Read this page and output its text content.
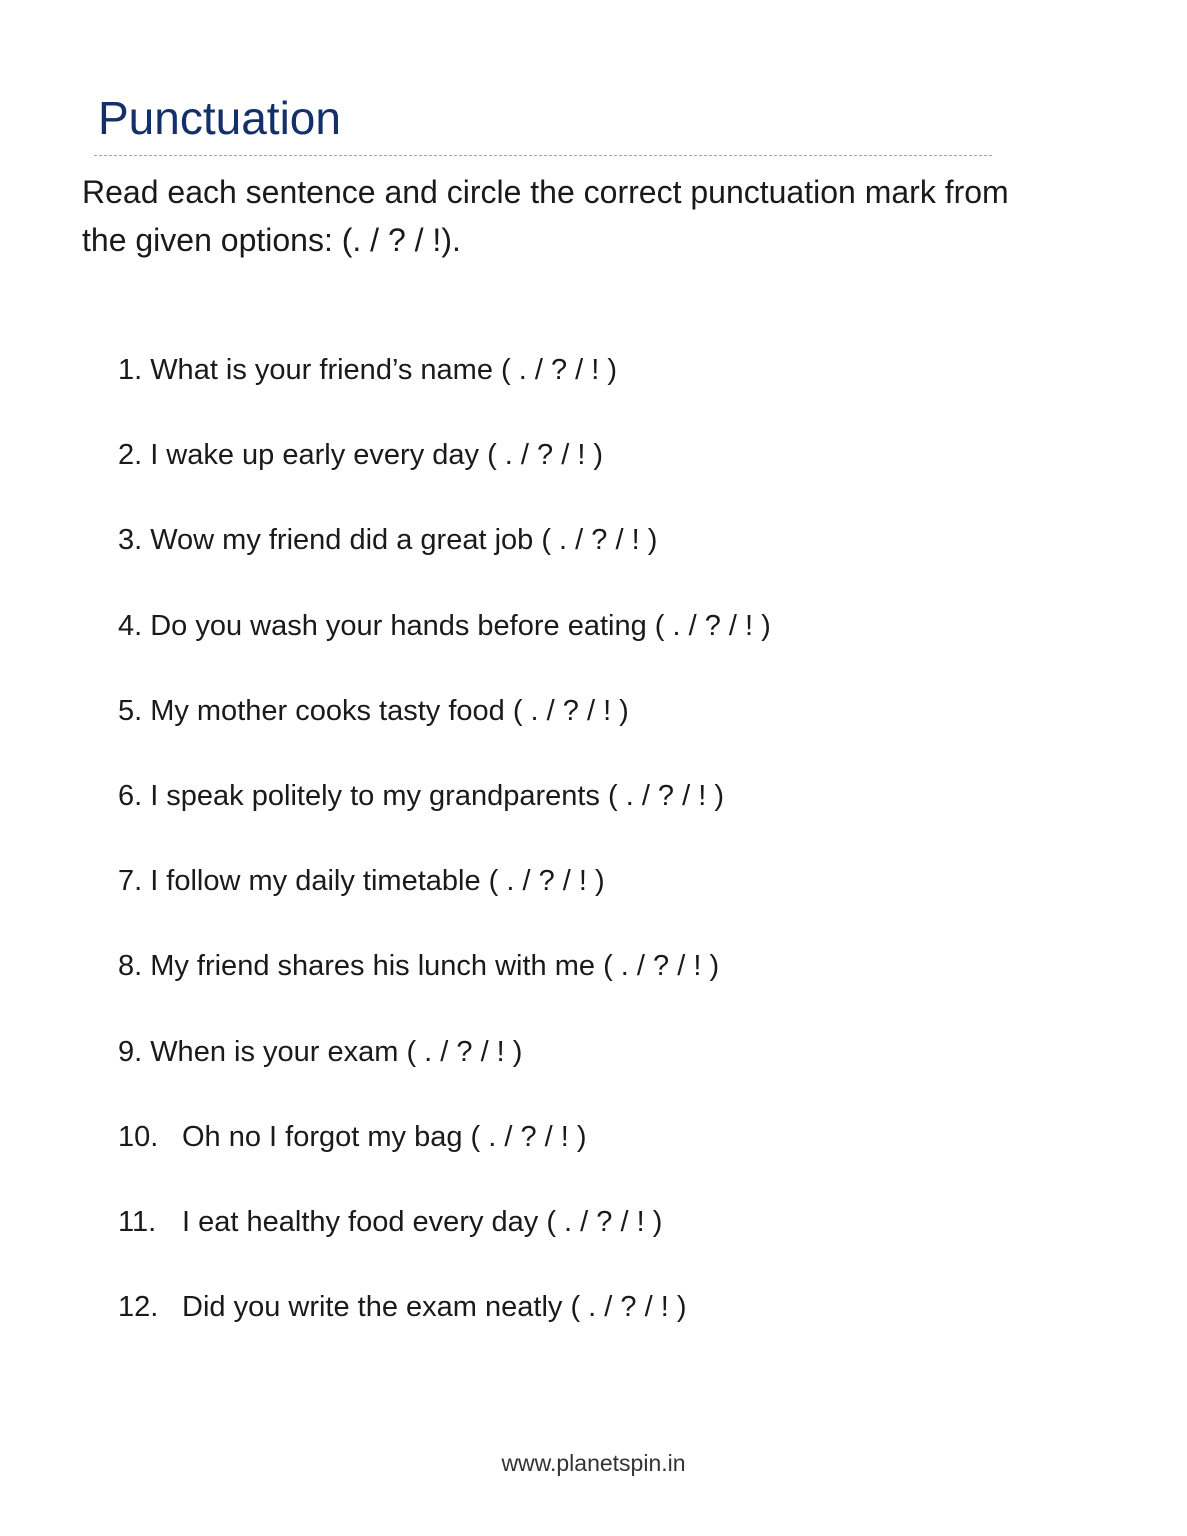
Punctuation
Read each sentence and circle the correct punctuation mark from the given options: (. / ? / !).
1. What is your friend’s name ( . / ? / ! )
2. I wake up early every day ( . / ? / ! )
3. Wow my friend did a great job ( . / ? / ! )
4. Do you wash your hands before eating ( . / ? / ! )
5. My mother cooks tasty food ( . / ? / ! )
6. I speak politely to my grandparents ( . / ? / ! )
7. I follow my daily timetable ( . / ? / ! )
8. My friend shares his lunch with me ( . / ? / ! )
9. When is your exam ( . / ? / ! )
10. Oh no I forgot my bag ( . / ? / ! )
11. I eat healthy food every day ( . / ? / ! )
12. Did you write the exam neatly ( . / ? / ! )
www.planetspin.in
